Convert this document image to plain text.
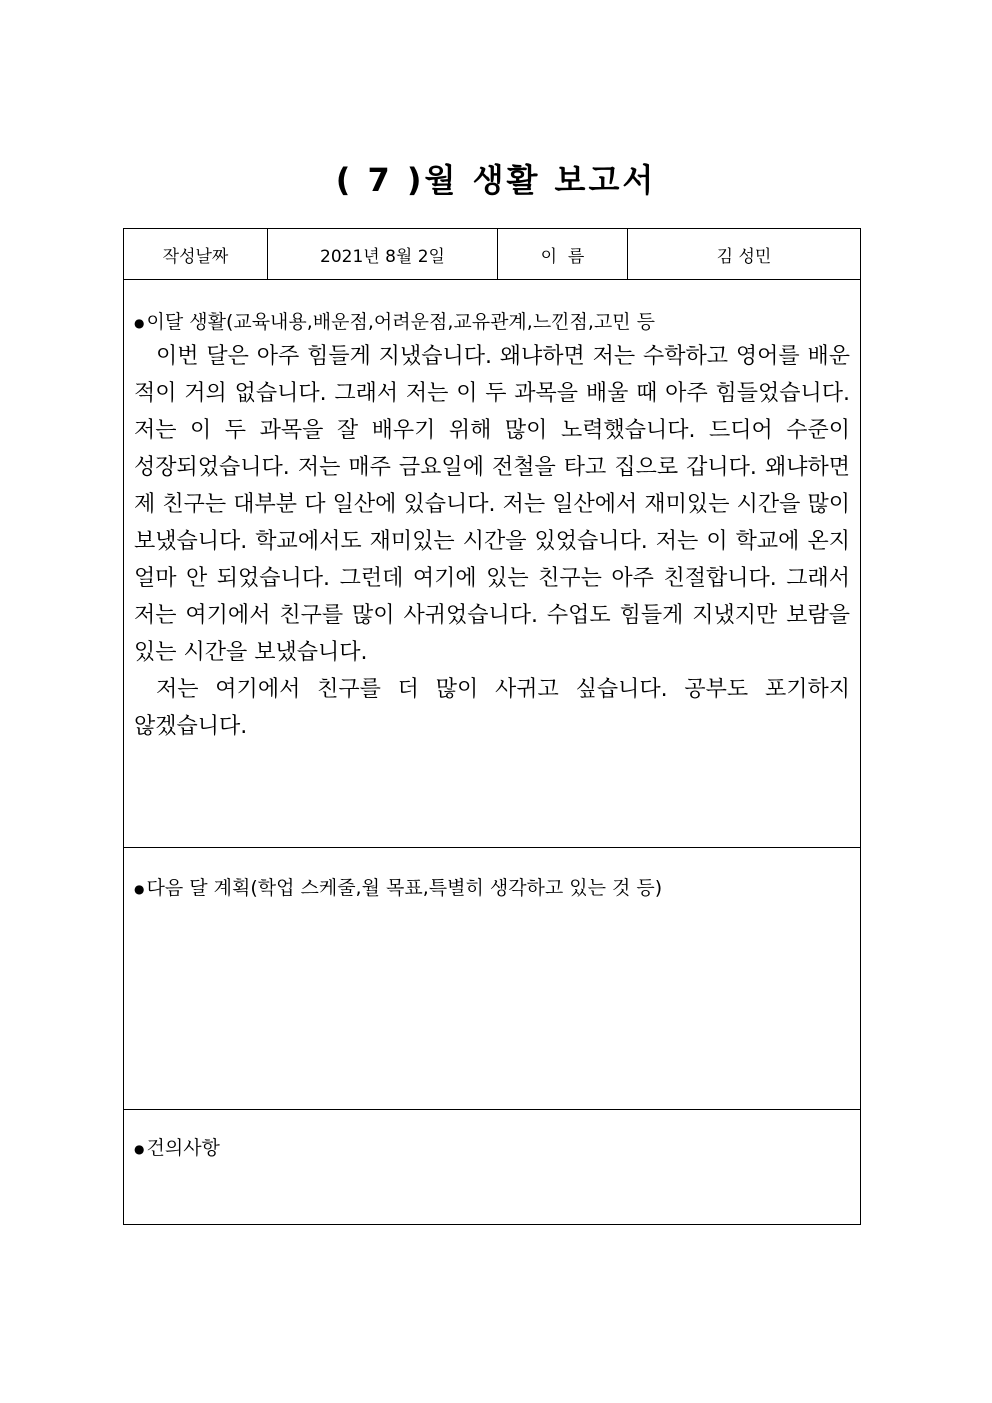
( 7 )월 생활 보고서
작성날짜	2021년 8월 2일	이  름	김 성민
● 이달 생활(교육내용,배운점,어려운점,교유관계,느낀점,고민 등

이번 달은 아주 힘들게 지냈습니다. 왜냐하면 저는 수학하고 영어를 배운 적이 거의 없습니다. 그래서 저는 이 두 과목을 배울 때 아주 힘들었습니다. 저는 이 두 과목을 잘 배우기 위해 많이 노력했습니다. 드디어 수준이 성장되었습니다. 저는 매주 금요일에 전철을 타고 집으로 갑니다. 왜냐하면 제 친구는 대부분 다 일산에 있습니다. 저는 일산에서 재미있는 시간을 많이 보냈습니다. 학교에서도 재미있는 시간을 있었습니다. 저는 이 학교에 온지 얼마 안 되었습니다. 그런데 여기에 있는 친구는 아주 친절합니다. 그래서 저는 여기에서 친구를 많이 사귀었습니다. 수업도 힘들게 지냈지만 보람을 있는 시간을 보냈습니다.

저는 여기에서 친구를 더 많이 사귀고 싶습니다. 공부도 포기하지 않겠습니다.

● 다음 달 계획(학업 스케줄,월 목표,특별히 생각하고 있는 것 등)
● 건의사항
